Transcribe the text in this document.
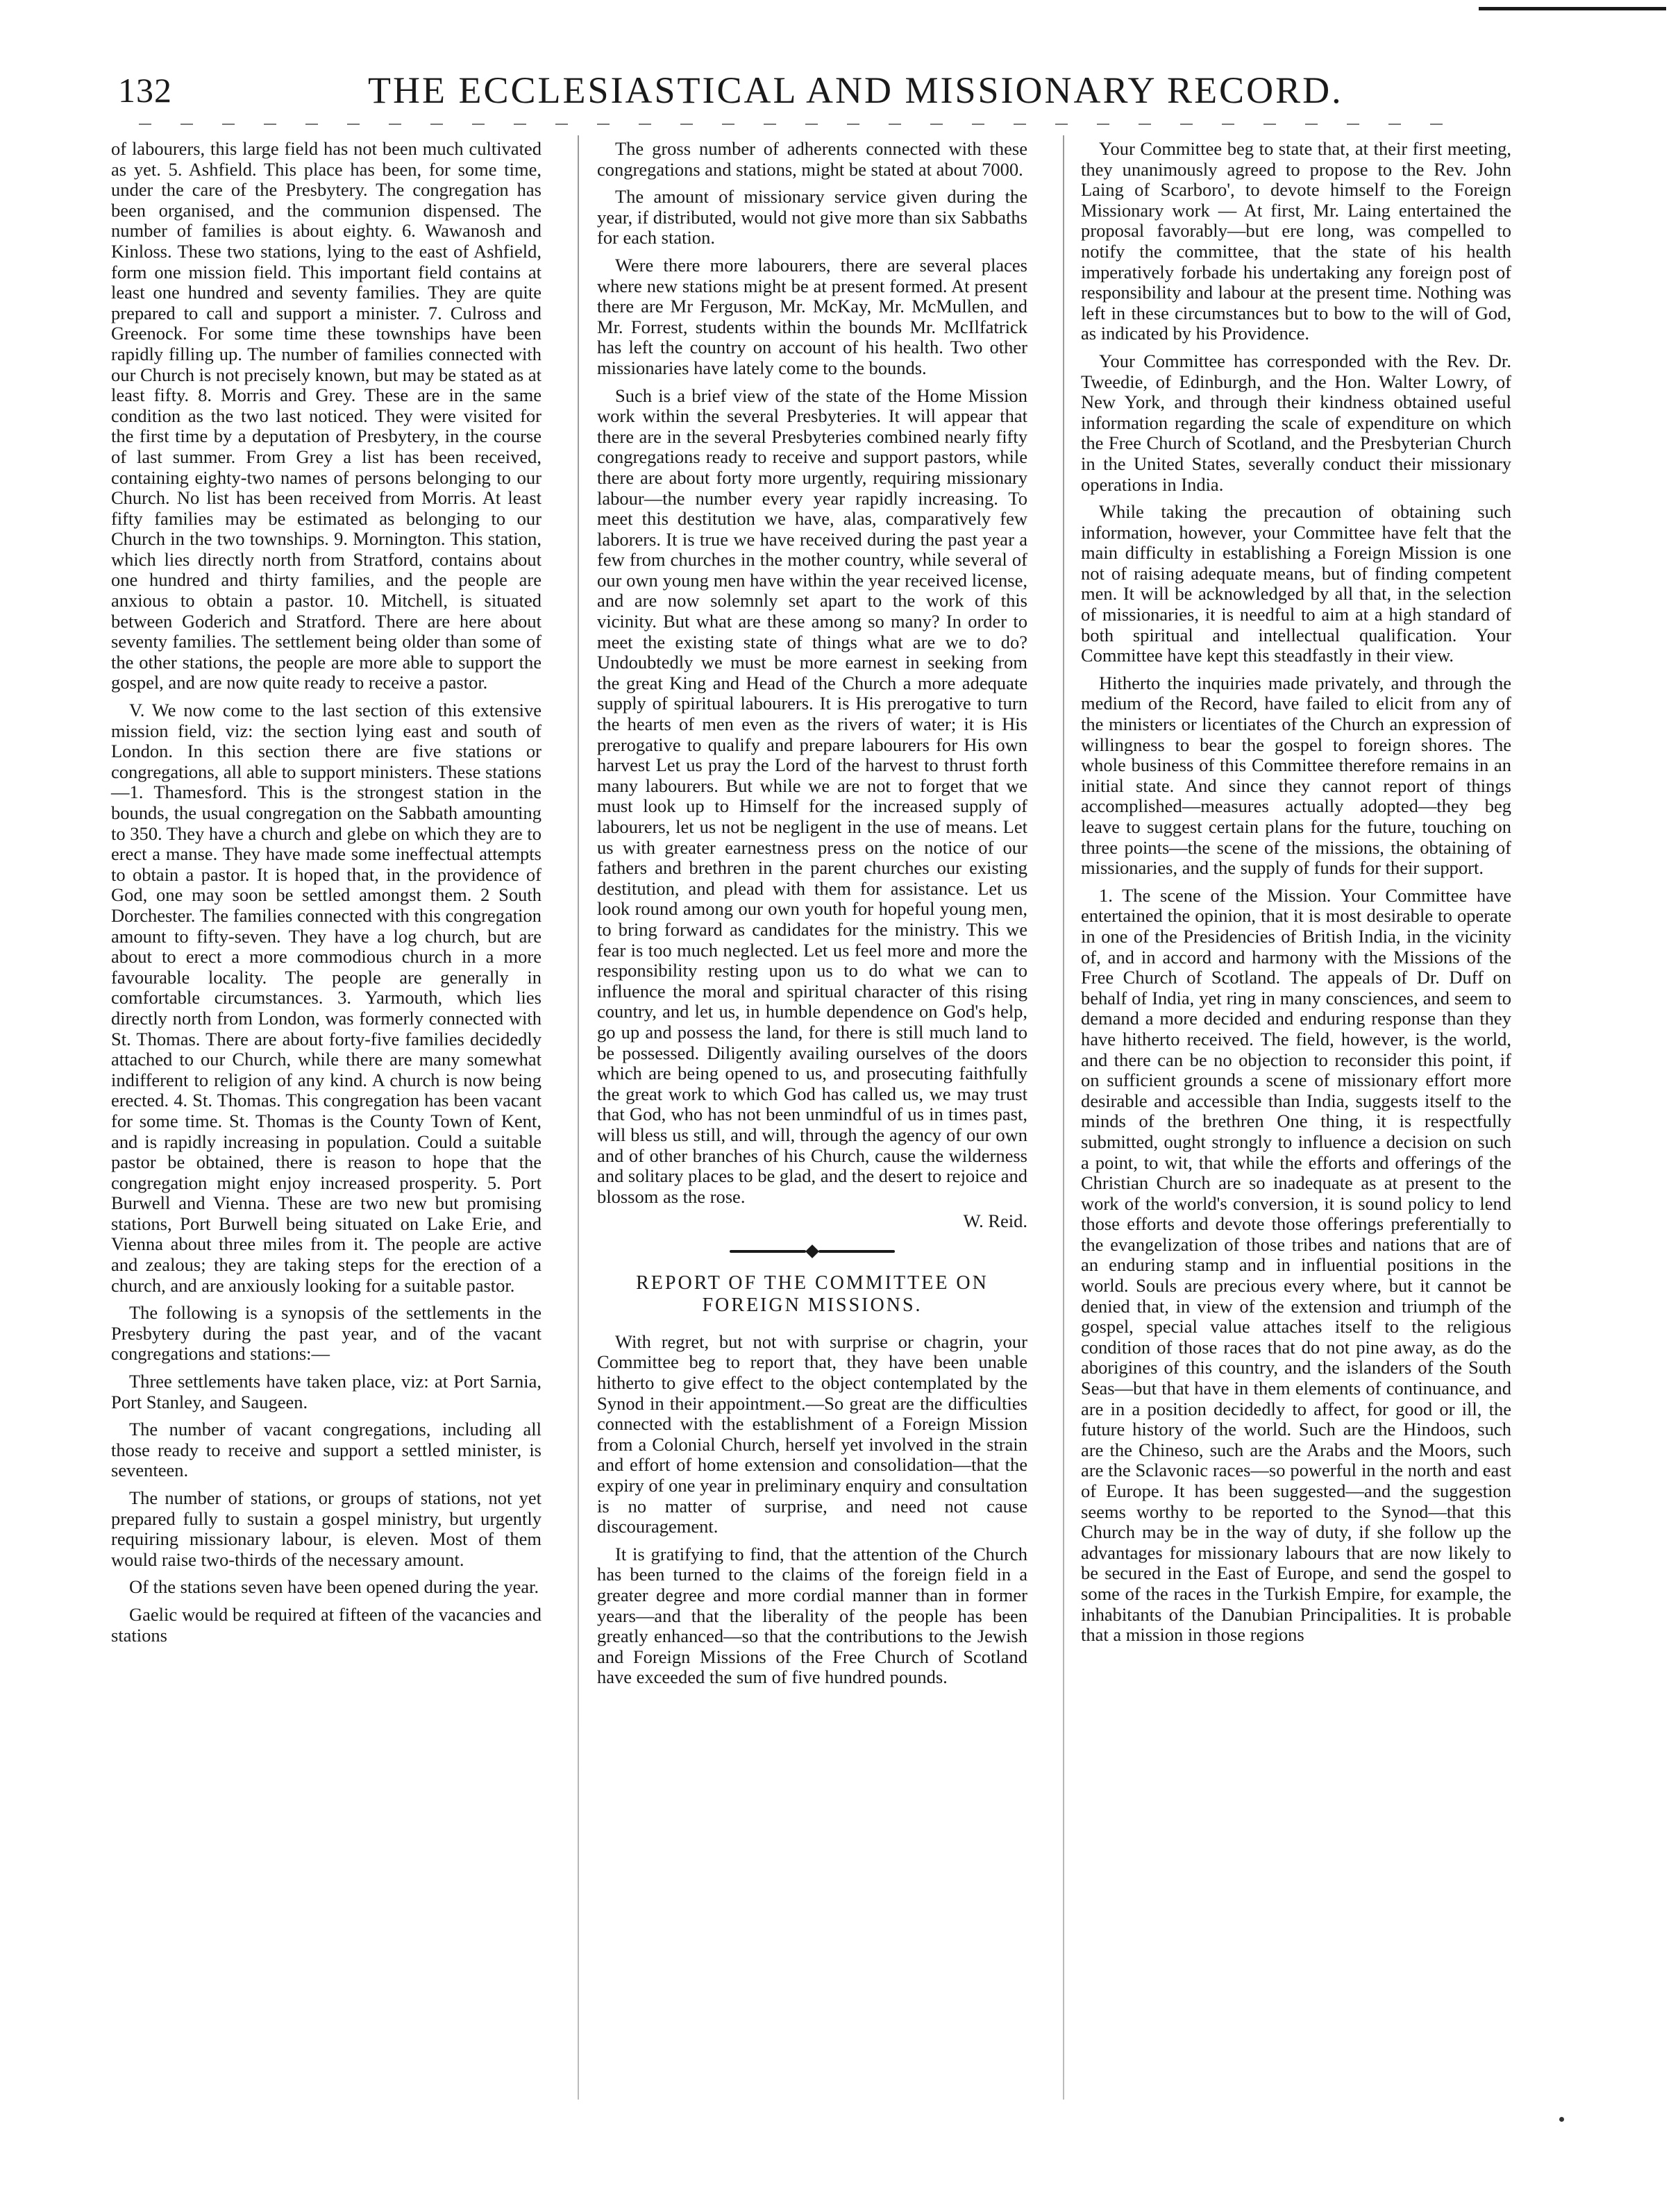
132	THE ECCLESIASTICAL AND MISSIONARY RECORD.

of labourers, this large field has not been much cultivated as yet. 5. Ashfield. This place has been, for some time, under the care of the Presbytery. The congregation has been organised, and the communion dispensed. The number of families is about eighty. 6. Wawanosh and Kinloss. These two stations, lying to the east of Ashfield, form one mission field. This important field contains at least one hundred and seventy families. They are quite prepared to call and support a minister. 7. Culross and Greenock. For some time these townships have been rapidly filling up. The number of families connected with our Church is not precisely known, but may be stated as at least fifty. 8. Morris and Grey. These are in the same condition as the two last noticed. They were visited for the first time by a deputation of Presbytery, in the course of last summer. From Grey a list has been received, containing eighty-two names of persons belonging to our Church. No list has been received from Morris. At least fifty families may be estimated as belonging to our Church in the two townships. 9. Mornington. This station, which lies directly north from Stratford, contains about one hundred and thirty families, and the people are anxious to obtain a pastor. 10. Mitchell, is situated between Goderich and Stratford. There are here about seventy families. The settlement being older than some of the other stations, the people are more able to support the gospel, and are now quite ready to receive a pastor.

V. We now come to the last section of this extensive mission field, viz: the section lying east and south of London. In this section there are five stations or congregations, all able to support ministers. These stations—1. Thamesford. This is the strongest station in the bounds, the usual congregation on the Sabbath amounting to 350. They have a church and glebe on which they are to erect a manse. They have made some ineffectual attempts to obtain a pastor. It is hoped that, in the providence of God, one may soon be settled amongst them. 2 South Dorchester. The families connected with this congregation amount to fifty-seven. They have a log church, but are about to erect a more commodious church in a more favourable locality. The people are generally in comfortable circumstances. 3. Yarmouth, which lies directly north from London, was formerly connected with St. Thomas. There are about forty-five families decidedly attached to our Church, while there are many somewhat indifferent to religion of any kind. A church is now being erected. 4. St. Thomas. This congregation has been vacant for some time. St. Thomas is the County Town of Kent, and is rapidly increasing in population. Could a suitable pastor be obtained, there is reason to hope that the congregation might enjoy increased prosperity. 5. Port Burwell and Vienna. These are two new but promising stations, Port Burwell being situated on Lake Erie, and Vienna about three miles from it. The people are active and zealous; they are taking steps for the erection of a church, and are anxiously looking for a suitable pastor.

The following is a synopsis of the settlements in the Presbytery during the past year, and of the vacant congregations and stations:—

Three settlements have taken place, viz: at Port Sarnia, Port Stanley, and Saugeen.

The number of vacant congregations, including all those ready to receive and support a settled minister, is seventeen.

The number of stations, or groups of stations, not yet prepared fully to sustain a gospel ministry, but urgently requiring missionary labour, is eleven. Most of them would raise two-thirds of the necessary amount.

Of the stations seven have been opened during the year.

Gaelic would be required at fifteen of the vacancies and stations

The gross number of adherents connected with these congregations and stations, might be stated at about 7000.

The amount of missionary service given during the year, if distributed, would not give more than six Sabbaths for each station.

Were there more labourers, there are several places where new stations might be at present formed. At present there are Mr Ferguson, Mr. McKay, Mr. McMullen, and Mr. Forrest, students within the bounds Mr. McIlfatrick has left the country on account of his health. Two other missionaries have lately come to the bounds.

Such is a brief view of the state of the Home Mission work within the several Presbyteries. It will appear that there are in the several Presbyteries combined nearly fifty congregations ready to receive and support pastors, while there are about forty more urgently, requiring missionary labour—the number every year rapidly increasing. To meet this destitution we have, alas, comparatively few laborers. It is true we have received during the past year a few from churches in the mother country, while several of our own young men have within the year received license, and are now solemnly set apart to the work of this vicinity. But what are these among so many? In order to meet the existing state of things what are we to do? Undoubtedly we must be more earnest in seeking from the great King and Head of the Church a more adequate supply of spiritual labourers. It is His prerogative to turn the hearts of men even as the rivers of water; it is His prerogative to qualify and prepare labourers for His own harvest Let us pray the Lord of the harvest to thrust forth many labourers. But while we are not to forget that we must look up to Himself for the increased supply of labourers, let us not be negligent in the use of means. Let us with greater earnestness press on the notice of our fathers and brethren in the parent churches our existing destitution, and plead with them for assistance. Let us look round among our own youth for hopeful young men, to bring forward as candidates for the ministry. This we fear is too much neglected. Let us feel more and more the responsibility resting upon us to do what we can to influence the moral and spiritual character of this rising country, and let us, in humble dependence on God's help, go up and possess the land, for there is still much land to be possessed. Diligently availing ourselves of the doors which are being opened to us, and prosecuting faithfully the great work to which God has called us, we may trust that God, who has not been unmindful of us in times past, will bless us still, and will, through the agency of our own and of other branches of his Church, cause the wilderness and solitary places to be glad, and the desert to rejoice and blossom as the rose.

W. Reid.
REPORT OF THE COMMITTEE ON FOREIGN MISSIONS.

With regret, but not with surprise or chagrin, your Committee beg to report that, they have been unable hitherto to give effect to the object contemplated by the Synod in their appointment.—So great are the difficulties connected with the establishment of a Foreign Mission from a Colonial Church, herself yet involved in the strain and effort of home extension and consolidation—that the expiry of one year in preliminary enquiry and consultation is no matter of surprise, and need not cause discouragement.

It is gratifying to find, that the attention of the Church has been turned to the claims of the foreign field in a greater degree and more cordial manner than in former years—and that the liberality of the people has been greatly enhanced—so that the contributions to the Jewish and Foreign Missions of the Free Church of Scotland have exceeded the sum of five hundred pounds.

Your Committee beg to state that, at their first meeting, they unanimously agreed to propose to the Rev. John Laing of Scarboro', to devote himself to the Foreign Missionary work — At first, Mr. Laing entertained the proposal favorably—but ere long, was compelled to notify the committee, that the state of his health imperatively forbade his undertaking any foreign post of responsibility and labour at the present time. Nothing was left in these circumstances but to bow to the will of God, as indicated by his Providence.

Your Committee has corresponded with the Rev. Dr. Tweedie, of Edinburgh, and the Hon. Walter Lowry, of New York, and through their kindness obtained useful information regarding the scale of expenditure on which the Free Church of Scotland, and the Presbyterian Church in the United States, severally conduct their missionary operations in India.

While taking the precaution of obtaining such information, however, your Committee have felt that the main difficulty in establishing a Foreign Mission is one not of raising adequate means, but of finding competent men. It will be acknowledged by all that, in the selection of missionaries, it is needful to aim at a high standard of both spiritual and intellectual qualification. Your Committee have kept this steadfastly in their view.

Hitherto the inquiries made privately, and through the medium of the Record, have failed to elicit from any of the ministers or licentiates of the Church an expression of willingness to bear the gospel to foreign shores. The whole business of this Committee therefore remains in an initial state. And since they cannot report of things accomplished—measures actually adopted—they beg leave to suggest certain plans for the future, touching on three points—the scene of the missions, the obtaining of missionaries, and the supply of funds for their support.

1. The scene of the Mission. Your Committee have entertained the opinion, that it is most desirable to operate in one of the Presidencies of British India, in the vicinity of, and in accord and harmony with the Missions of the Free Church of Scotland. The appeals of Dr. Duff on behalf of India, yet ring in many consciences, and seem to demand a more decided and enduring response than they have hitherto received. The field, however, is the world, and there can be no objection to reconsider this point, if on sufficient grounds a scene of missionary effort more desirable and accessible than India, suggests itself to the minds of the brethren One thing, it is respectfully submitted, ought strongly to influence a decision on such a point, to wit, that while the efforts and offerings of the Christian Church are so inadequate as at present to the work of the world's conversion, it is sound policy to lend those efforts and devote those offerings preferentially to the evangelization of those tribes and nations that are of an enduring stamp and in influential positions in the world. Souls are precious every where, but it cannot be denied that, in view of the extension and triumph of the gospel, special value attaches itself to the religious condition of those races that do not pine away, as do the aborigines of this country, and the islanders of the South Seas—but that have in them elements of continuance, and are in a position decidedly to affect, for good or ill, the future history of the world. Such are the Hindoos, such are the Chineso, such are the Arabs and the Moors, such are the Sclavonic races—so powerful in the north and east of Europe. It has been suggested—and the suggestion seems worthy to be reported to the Synod—that this Church may be in the way of duty, if she follow up the advantages for missionary labours that are now likely to be secured in the East of Europe, and send the gospel to some of the races in the Turkish Empire, for example, the inhabitants of the Danubian Principalities. It is probable that a mission in those regions
